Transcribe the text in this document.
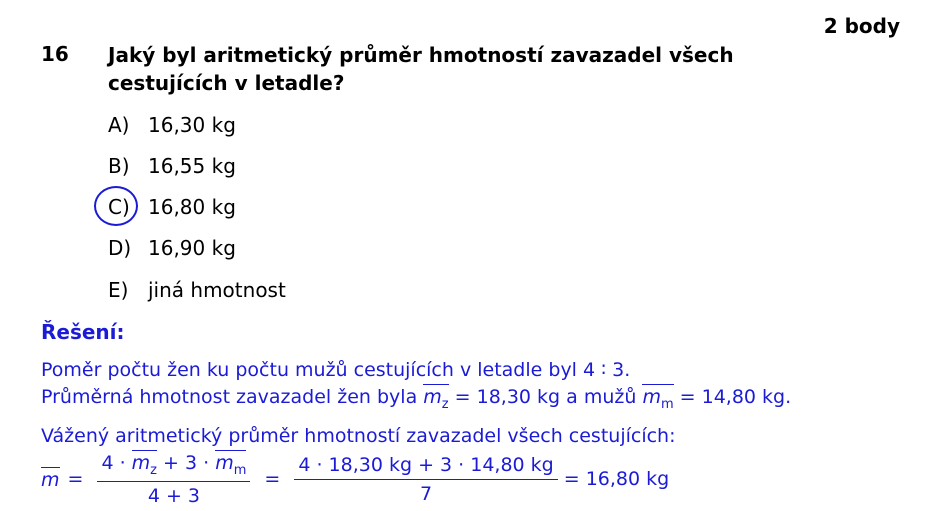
2 body
16 Jaký byl aritmetický průměr hmotností zavazadel všech cestujících v letadle?
A) 16,30 kg
B) 16,55 kg
C) 16,80 kg
D) 16,90 kg
E) jiná hmotnost
Řešení:
Poměr počtu žen ku počtu mužů cestujících v letadle byl 4 ∶ 3.
Průměrná hmotnost zavazadel žen byla $m_z = 18,30$ kg a mužů $m_m = 14,80$ kg.
Vážený aritmetický průměr hmotností zavazadel všech cestujících:
$m = \frac{4 \cdot m_z + 3 \cdot m_m}{4 + 3} = \frac{4 \cdot 18,30 kg + 3 \cdot 14,80 kg}{7} = 16,80$ kg
